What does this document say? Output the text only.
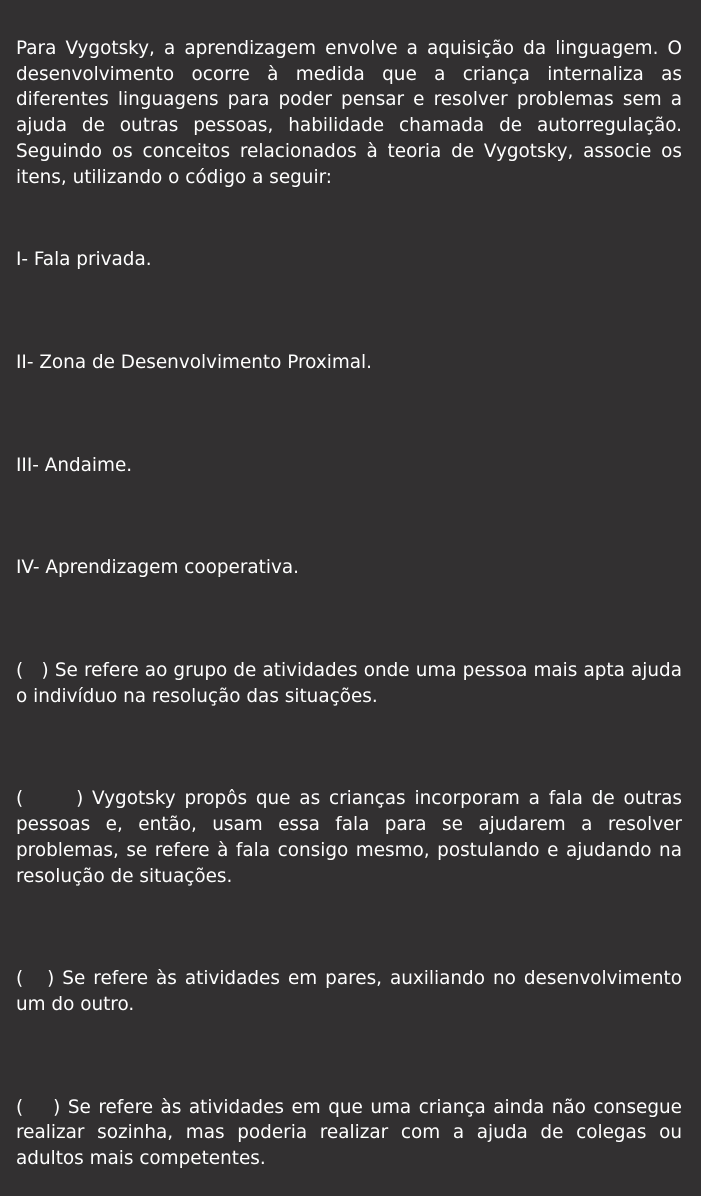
Para Vygotsky, a aprendizagem envolve a aquisição da linguagem. O desenvolvimento ocorre à medida que a criança internaliza as diferentes linguagens para poder pensar e resolver problemas sem a ajuda de outras pessoas, habilidade chamada de autorregulação. Seguindo os conceitos relacionados à teoria de Vygotsky, associe os itens, utilizando o código a seguir:

I- Fala privada.

II- Zona de Desenvolvimento Proximal.

III- Andaime.

IV- Aprendizagem cooperativa.

(   ) Se refere ao grupo de atividades onde uma pessoa mais apta ajuda o indivíduo na resolução das situações.

(      ) Vygotsky propôs que as crianças incorporam a fala de outras pessoas e, então, usam essa fala para se ajudarem a resolver problemas, se refere à fala consigo mesmo, postulando e ajudando na resolução de situações.

(   ) Se refere às atividades em pares, auxiliando no desenvolvimento um do outro.

(    ) Se refere às atividades em que uma criança ainda não consegue realizar sozinha, mas poderia realizar com a ajuda de colegas ou adultos mais competentes.
